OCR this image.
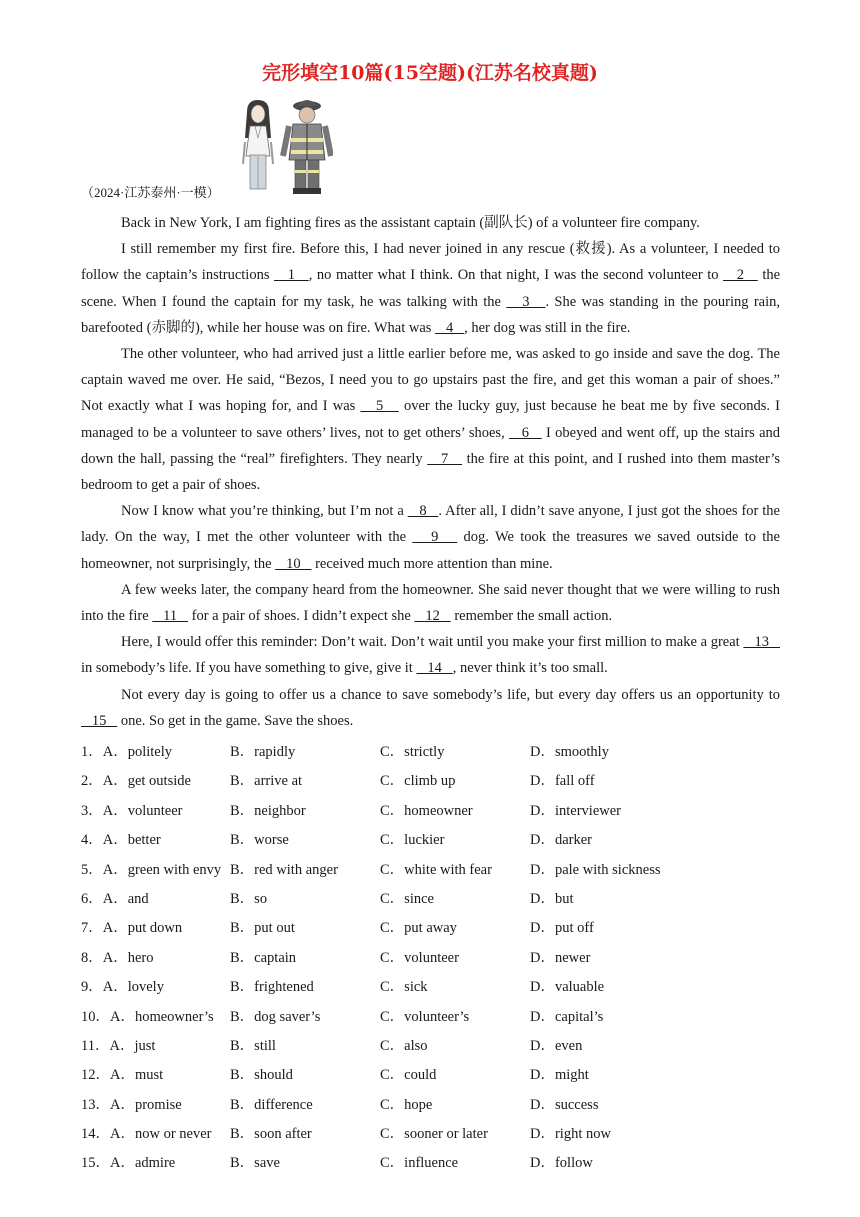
完形填空10篇(15空题)(江苏名校真题)
（2024·江苏泰州·一模）

Back in New York, I am fighting fires as the assistant captain (副队长) of a volunteer fire company.

I still remember my first fire. Before this, I had never joined in any rescue (救援). As a volunteer, I needed to follow the captain’s instructions    1   , no matter what I think. On that night, I was the second volunteer to    2    the scene. When I found the captain for my task, he was talking with the    3   . She was standing in the pouring rain, barefooted (赤脚的), while her house was on fire. What was    4   , her dog was still in the fire.

The other volunteer, who had arrived just a little earlier before me, was asked to go inside and save the dog. The captain waved me over. He said, “Bezos, I need you to go upstairs past the fire, and get this woman a pair of shoes.” Not exactly what I was hoping for, and I was    5    over the lucky guy, just because he beat me by five seconds. I managed to be a volunteer to save others’ lives, not to get others’ shoes,    6    I obeyed and went off, up the stairs and down the hall, passing the “real” firefighters. They nearly    7    the fire at this point, and I rushed into them master’s bedroom to get a pair of shoes.

Now I know what you’re thinking, but I’m not a    8   . After all, I didn’t save anyone, I just got the shoes for the lady. On the way, I met the other volunteer with the    9    dog. We took the treasures we saved outside to the homeowner, not surprisingly, the    10    received much more attention than mine.

A few weeks later, the company heard from the homeowner. She said never thought that we were willing to rush into the fire    11    for a pair of shoes. I didn’t expect she    12    remember the small action.

Here, I would offer this reminder: Don’t wait. Don’t wait until you make your first million to make a great    13    in somebody’s life. If you have something to give, give it    14   , never think it’s too small.

Not every day is going to offer us a chance to save somebody’s life, but every day offers us an opportunity to    15    one. So get in the game. Save the shoes.

1．A．politely	B．rapidly	C．strictly	D．smoothly
2．A．get outside	B．arrive at	C．climb up	D．fall off
3．A．volunteer	B．neighbor	C．homeowner	D．interviewer
4．A．better	B．worse	C．luckier	D．darker
5．A．green with envy B．red with anger	C．white with fear	D．pale with sickness
6．A．and	B．so	C．since	D．but
7．A．put down	B．put out	C．put away	D．put off
8．A．hero	B．captain	C．volunteer	D．newer
9．A．lovely	B．frightened	C．sick	D．valuable
10．A．homeowner’s B．dog saver’s	C．volunteer’s	D．capital’s
11．A．just	B．still	C．also	D．even
12．A．must	B．should	C．could	D．might
13．A．promise	B．difference	C．hope	D．success
14．A．now or never B．soon after	C．sooner or later	D．right now
15．A．admire	B．save	C．influence	D．follow
